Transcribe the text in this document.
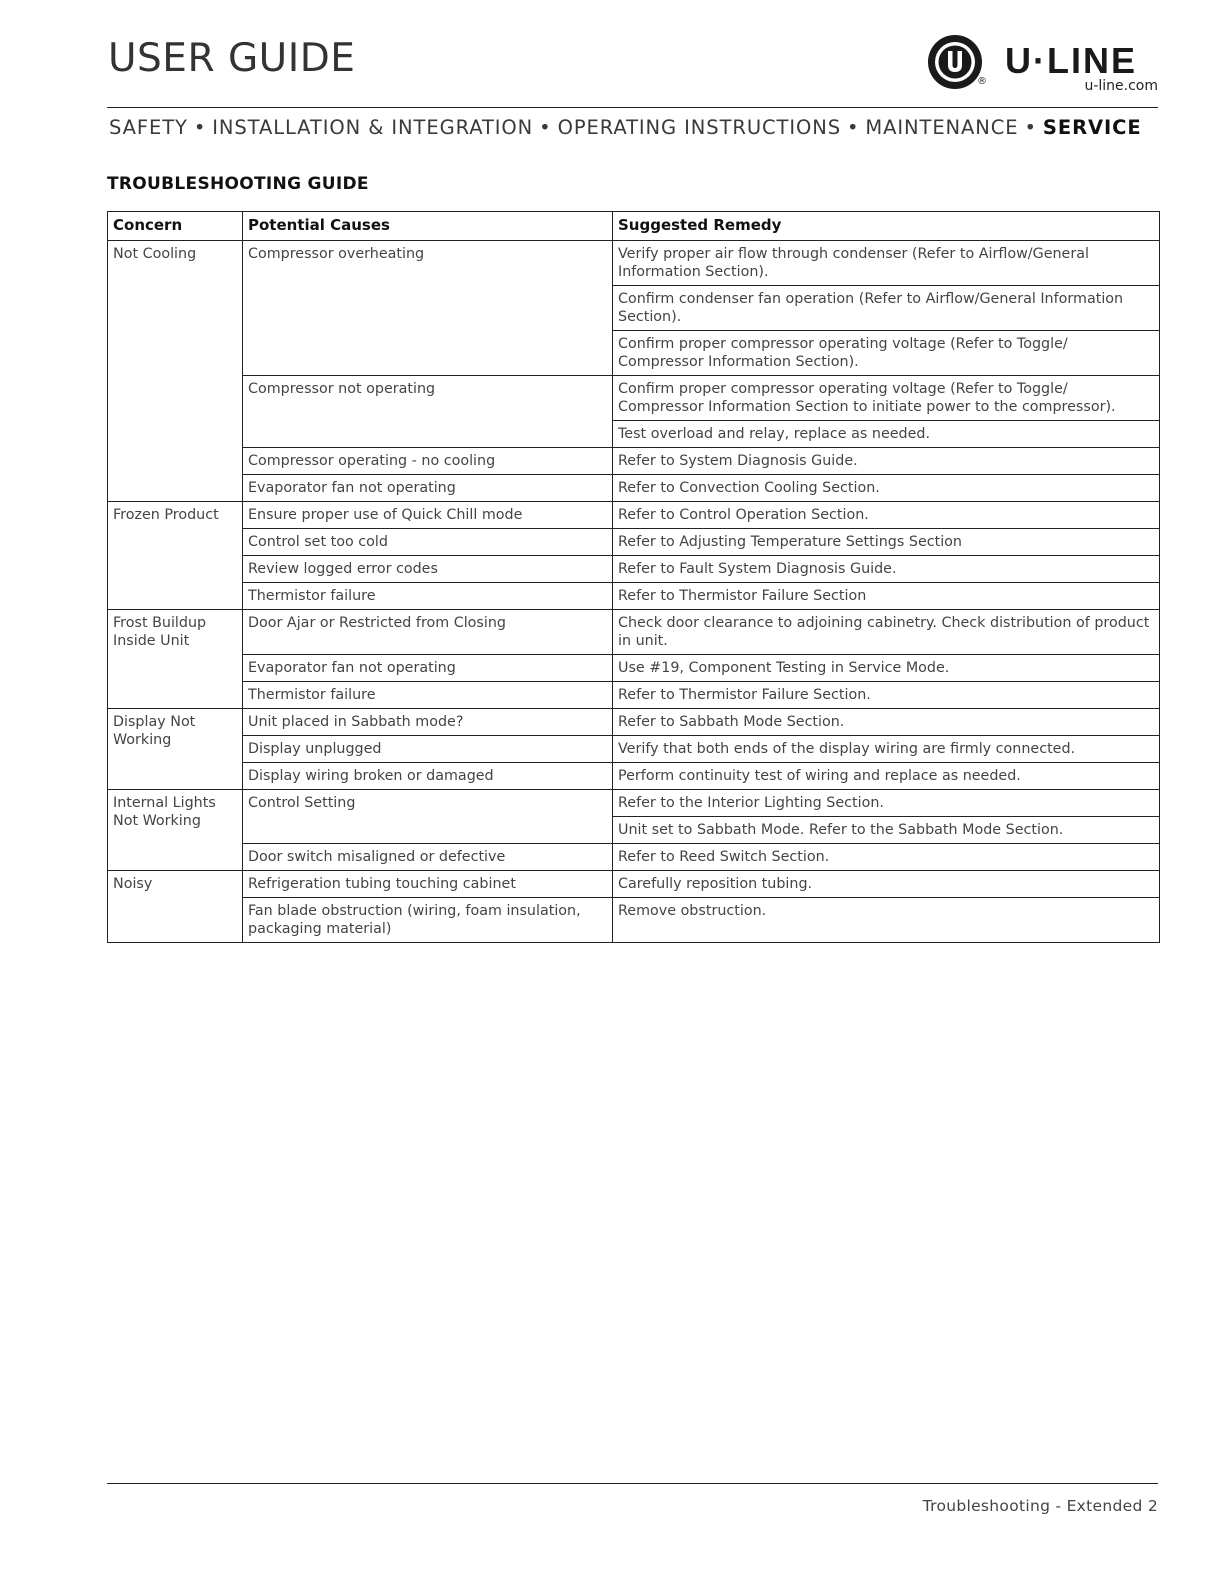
USER GUIDE
®
U·LINE
u-line.com
SAFETY • INSTALLATION & INTEGRATION • OPERATING INSTRUCTIONS • MAINTENANCE • SERVICE
TROUBLESHOOTING GUIDE
Concern	Potential Causes	Suggested Remedy
Not Cooling	Compressor overheating	Verify proper air flow through condenser (Refer to Airflow/General Information Section).
		Confirm condenser fan operation (Refer to Airflow/General Information Section).
		Confirm proper compressor operating voltage (Refer to Toggle/ Compressor Information Section).
	Compressor not operating	Confirm proper compressor operating voltage (Refer to Toggle/ Compressor Information Section to initiate power to the compressor).
		Test overload and relay, replace as needed.
	Compressor operating - no cooling	Refer to System Diagnosis Guide.
	Evaporator fan not operating	Refer to Convection Cooling Section.
Frozen Product	Ensure proper use of Quick Chill mode	Refer to Control Operation Section.
	Control set too cold	Refer to Adjusting Temperature Settings Section
	Review logged error codes	Refer to Fault System Diagnosis Guide.
	Thermistor failure	Refer to Thermistor Failure Section
Frost Buildup Inside Unit	Door Ajar or Restricted from Closing	Check door clearance to adjoining cabinetry. Check distribution of product in unit.
	Evaporator fan not operating	Use #19, Component Testing in Service Mode.
	Thermistor failure	Refer to Thermistor Failure Section.
Display Not Working	Unit placed in Sabbath mode?	Refer to Sabbath Mode Section.
	Display unplugged	Verify that both ends of the display wiring are firmly connected.
	Display wiring broken or damaged	Perform continuity test of wiring and replace as needed.
Internal Lights Not Working	Control Setting	Refer to the Interior Lighting Section.
		Unit set to Sabbath Mode. Refer to the Sabbath Mode Section.
	Door switch misaligned or defective	Refer to Reed Switch Section.
Noisy	Refrigeration tubing touching cabinet	Carefully reposition tubing.
	Fan blade obstruction (wiring, foam insulation, packaging material)	Remove obstruction.
Troubleshooting - Extended 2
